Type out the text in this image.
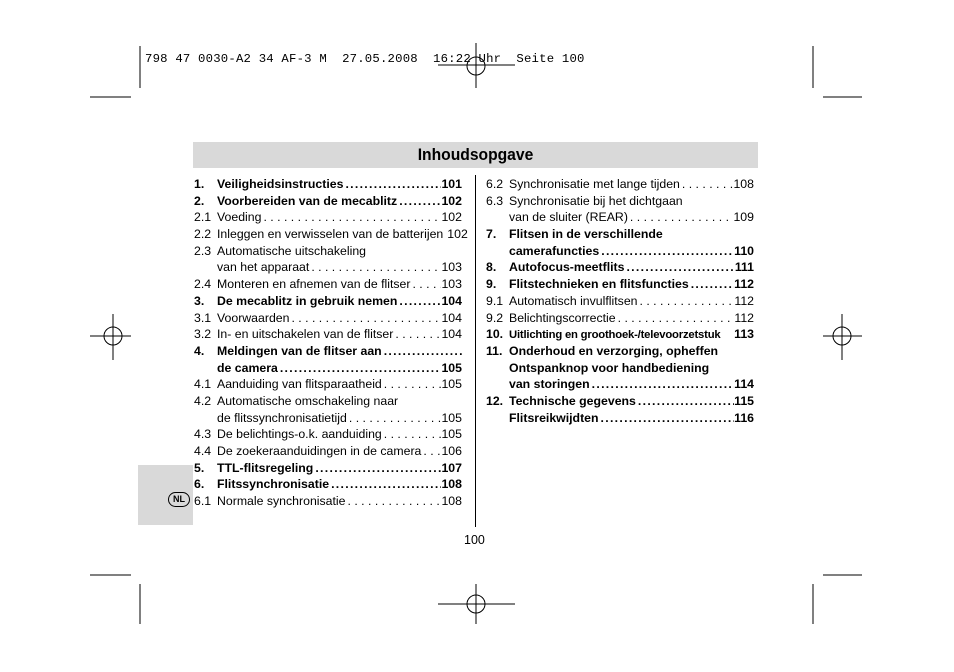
798 47 0030-A2 34 AF-3 M  27.05.2008  16:22 Uhr  Seite 100
Inhoudsopgave
NL
1.	Veiligheidsinstructies .....	101
2.	Voorbereiden van de mecablitz .....	102
2.1 Voeding . . .	102
2.2 Inleggen en verwisselen van de batterijen 102
2.3 Automatische uitschakeling
van het apparaat . . .	103
2.4 Monteren en afnemen van de flitser . . .	103
3.	De mecablitz in gebruik nemen .....	104
3.1 Voorwaarden . . .	104
3.2 In- en uitschakelen van de flitser . . .	104
4.	Meldingen van de flitser aan
.....
de camera .....	105
4.1 Aanduiding van flitsparaatheid . . .	105
4.2 Automatische omschakeling naar
de flitssynchronisatietijd . . .	105
4.3 De belichtings-o.k. aanduiding . . .	105
4.4 De zoekeraanduidingen in de camera . . . 106
5.	TTL-flitsregeling .....	107
6.	Flitssynchronisatie .....	108
6.1 Normale synchronisatie . . .	108
6.2 Synchronisatie met lange tijden . . .	108
6.3 Synchronisatie bij het dichtgaan
van de sluiter (REAR) . . .	109
7.	Flitsen in de verschillende
camerafuncties .....	110
8.	Autofocus-meetflits .....	111
9.	Flitstechnieken en flitsfuncties .....	112
9.1 Automatisch invulflitsen . . .	112
9.2 Belichtingscorrectie . . .	112
10. Uitlichting en groothoek-/televoorzetstuk 113
11. Onderhoud en verzorging, opheffen
Ontspanknop voor handbediening
van storingen .....	114
12. Technische gegevens .....	115
Flitsreikwijdten .....	116
100
